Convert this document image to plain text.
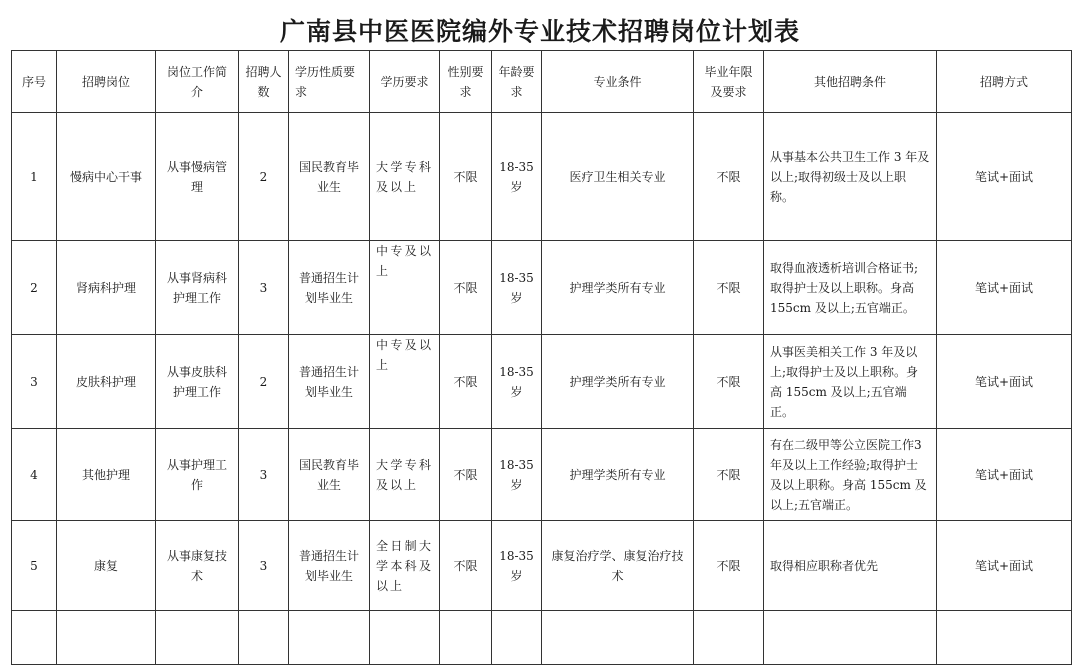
广南县中医医院编外专业技术招聘岗位计划表
序号	招聘岗位	岗位工作简介	招聘人数	学历性质要求	学历要求	性别要求	年龄要求	专业条件	毕业年限及要求	其他招聘条件	招聘方式
1	慢病中心干事	从事慢病管理	2	国民教育毕业生	大学专科及以上	不限	18-35岁	医疗卫生相关专业	不限	从事基本公共卫生工作 3 年及以上;取得初级士及以上职称。	笔试+面试
2	肾病科护理	从事肾病科护理工作	3	普通招生计划毕业生	中专及以上	不限	18-35岁	护理学类所有专业	不限	取得血液透析培训合格证书;取得护士及以上职称。身高 155cm 及以上;五官端正。	笔试+面试
3	皮肤科护理	从事皮肤科护理工作	2	普通招生计划毕业生	中专及以上	不限	18-35岁	护理学类所有专业	不限	从事医美相关工作 3 年及以上;取得护士及以上职称。身高 155cm 及以上;五官端正。	笔试+面试
4	其他护理	从事护理工作	3	国民教育毕业生	大学专科及以上	不限	18-35岁	护理学类所有专业	不限	有在二级甲等公立医院工作3年及以上工作经验;取得护士及以上职称。身高 155cm 及以上;五官端正。	笔试+面试
5	康复	从事康复技术	3	普通招生计划毕业生	全日制大学本科及以上	不限	18-35岁	康复治疗学、康复治疗技术	不限	取得相应职称者优先	笔试+面试
